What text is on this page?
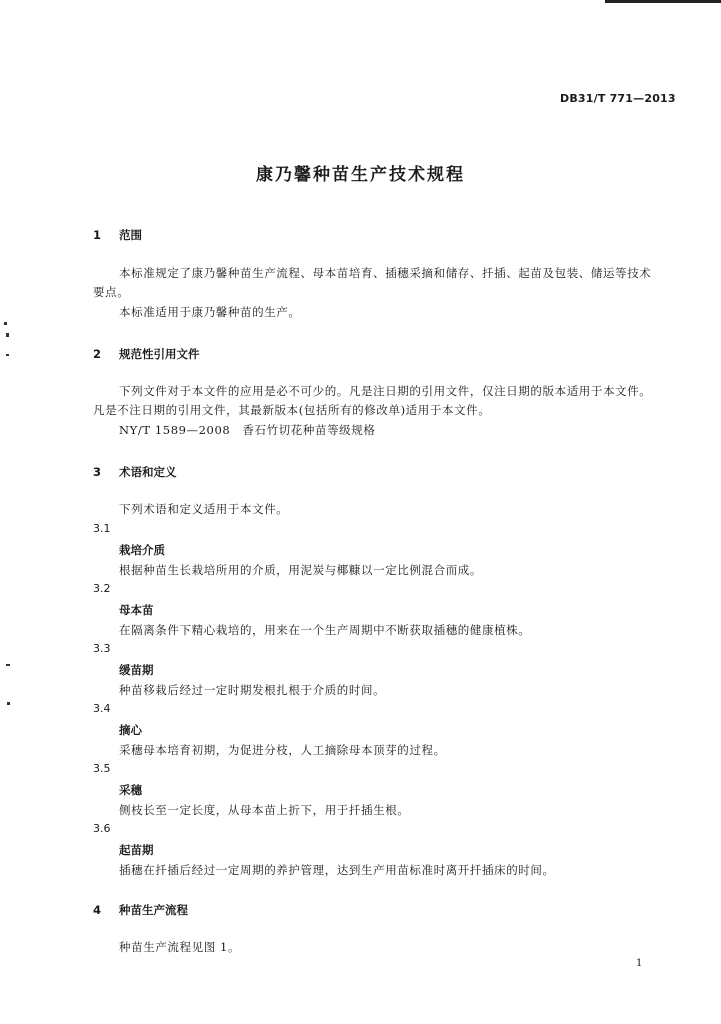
DB31/T 771—2013
康乃馨种苗生产技术规程
1 范围
本标准规定了康乃馨种苗生产流程、母本苗培育、插穗采摘和储存、扦插、起苗及包装、储运等技术要点。
本标准适用于康乃馨种苗的生产。
2 规范性引用文件
下列文件对于本文件的应用是必不可少的。凡是注日期的引用文件，仅注日期的版本适用于本文件。凡是不注日期的引用文件，其最新版本(包括所有的修改单)适用于本文件。
NY/T 1589—2008　香石竹切花种苗等级规格
3 术语和定义
下列术语和定义适用于本文件。
3.1
栽培介质
根据种苗生长栽培所用的介质，用泥炭与椰糠以一定比例混合而成。
3.2
母本苗
在隔离条件下精心栽培的，用来在一个生产周期中不断获取插穗的健康植株。
3.3
缓苗期
种苗移栽后经过一定时期发根扎根于介质的时间。
3.4
摘心
采穗母本培育初期，为促进分枝，人工摘除母本顶芽的过程。
3.5
采穗
侧枝长至一定长度，从母本苗上折下，用于扦插生根。
3.6
起苗期
插穗在扦插后经过一定周期的养护管理，达到生产用苗标准时离开扦插床的时间。
4 种苗生产流程
种苗生产流程见图 1。
1
